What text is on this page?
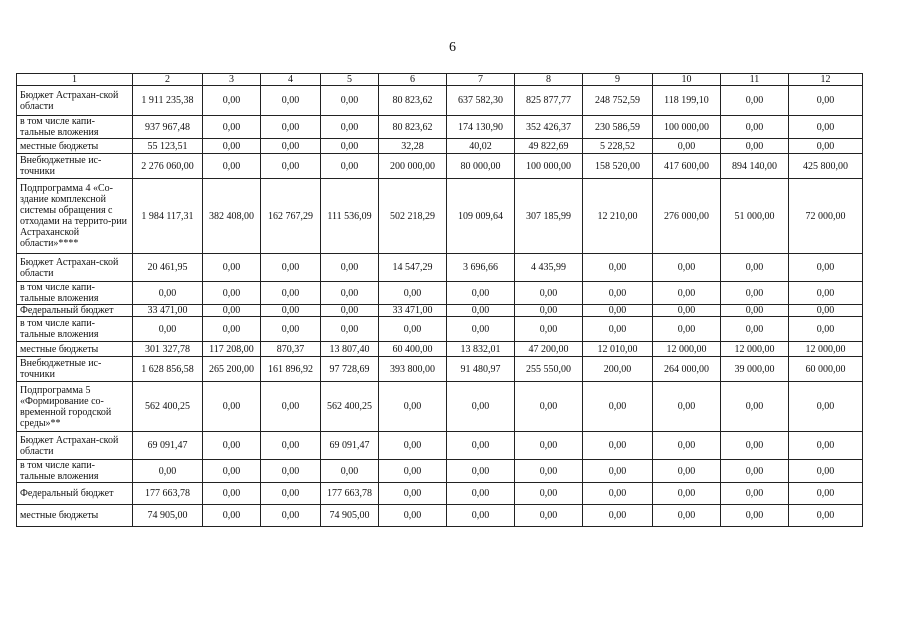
6
1	2	3	4	5	6	7	8	9	10	11	12
Бюджет Астрахан-ской области	1 911 235,38	0,00	0,00	0,00	80 823,62	637 582,30	825 877,77	248 752,59	118 199,10	0,00	0,00
в том числе капи-тальные вложения	937 967,48	0,00	0,00	0,00	80 823,62	174 130,90	352 426,37	230 586,59	100 000,00	0,00	0,00
местные бюджеты	55 123,51	0,00	0,00	0,00	32,28	40,02	49 822,69	5 228,52	0,00	0,00	0,00
Внебюджетные ис-точники	2 276 060,00	0,00	0,00	0,00	200 000,00	80 000,00	100 000,00	158 520,00	417 600,00	894 140,00	425 800,00
Подпрограмма 4 «Со-здание комплексной системы обращения с отходами на террито-рии Астраханской области»****	1 984 117,31	382 408,00	162 767,29	111 536,09	502 218,29	109 009,64	307 185,99	12 210,00	276 000,00	51 000,00	72 000,00
Бюджет Астрахан-ской области	20 461,95	0,00	0,00	0,00	14 547,29	3 696,66	4 435,99	0,00	0,00	0,00	0,00
в том числе капи-тальные вложения	0,00	0,00	0,00	0,00	0,00	0,00	0,00	0,00	0,00	0,00	0,00
Федеральный бюджет	33 471,00	0,00	0,00	0,00	33 471,00	0,00	0,00	0,00	0,00	0,00	0,00
в том числе капи-тальные вложения	0,00	0,00	0,00	0,00	0,00	0,00	0,00	0,00	0,00	0,00	0,00
местные бюджеты	301 327,78	117 208,00	870,37	13 807,40	60 400,00	13 832,01	47 200,00	12 010,00	12 000,00	12 000,00	12 000,00
Внебюджетные ис-точники	1 628 856,58	265 200,00	161 896,92	97 728,69	393 800,00	91 480,97	255 550,00	200,00	264 000,00	39 000,00	60 000,00
Подпрограмма 5 «Формирование со-временной городской среды»**	562 400,25	0,00	0,00	562 400,25	0,00	0,00	0,00	0,00	0,00	0,00	0,00
Бюджет Астрахан-ской области	69 091,47	0,00	0,00	69 091,47	0,00	0,00	0,00	0,00	0,00	0,00	0,00
в том числе капи-тальные вложения	0,00	0,00	0,00	0,00	0,00	0,00	0,00	0,00	0,00	0,00	0,00
Федеральный бюджет	177 663,78	0,00	0,00	177 663,78	0,00	0,00	0,00	0,00	0,00	0,00	0,00
местные бюджеты	74 905,00	0,00	0,00	74 905,00	0,00	0,00	0,00	0,00	0,00	0,00	0,00
